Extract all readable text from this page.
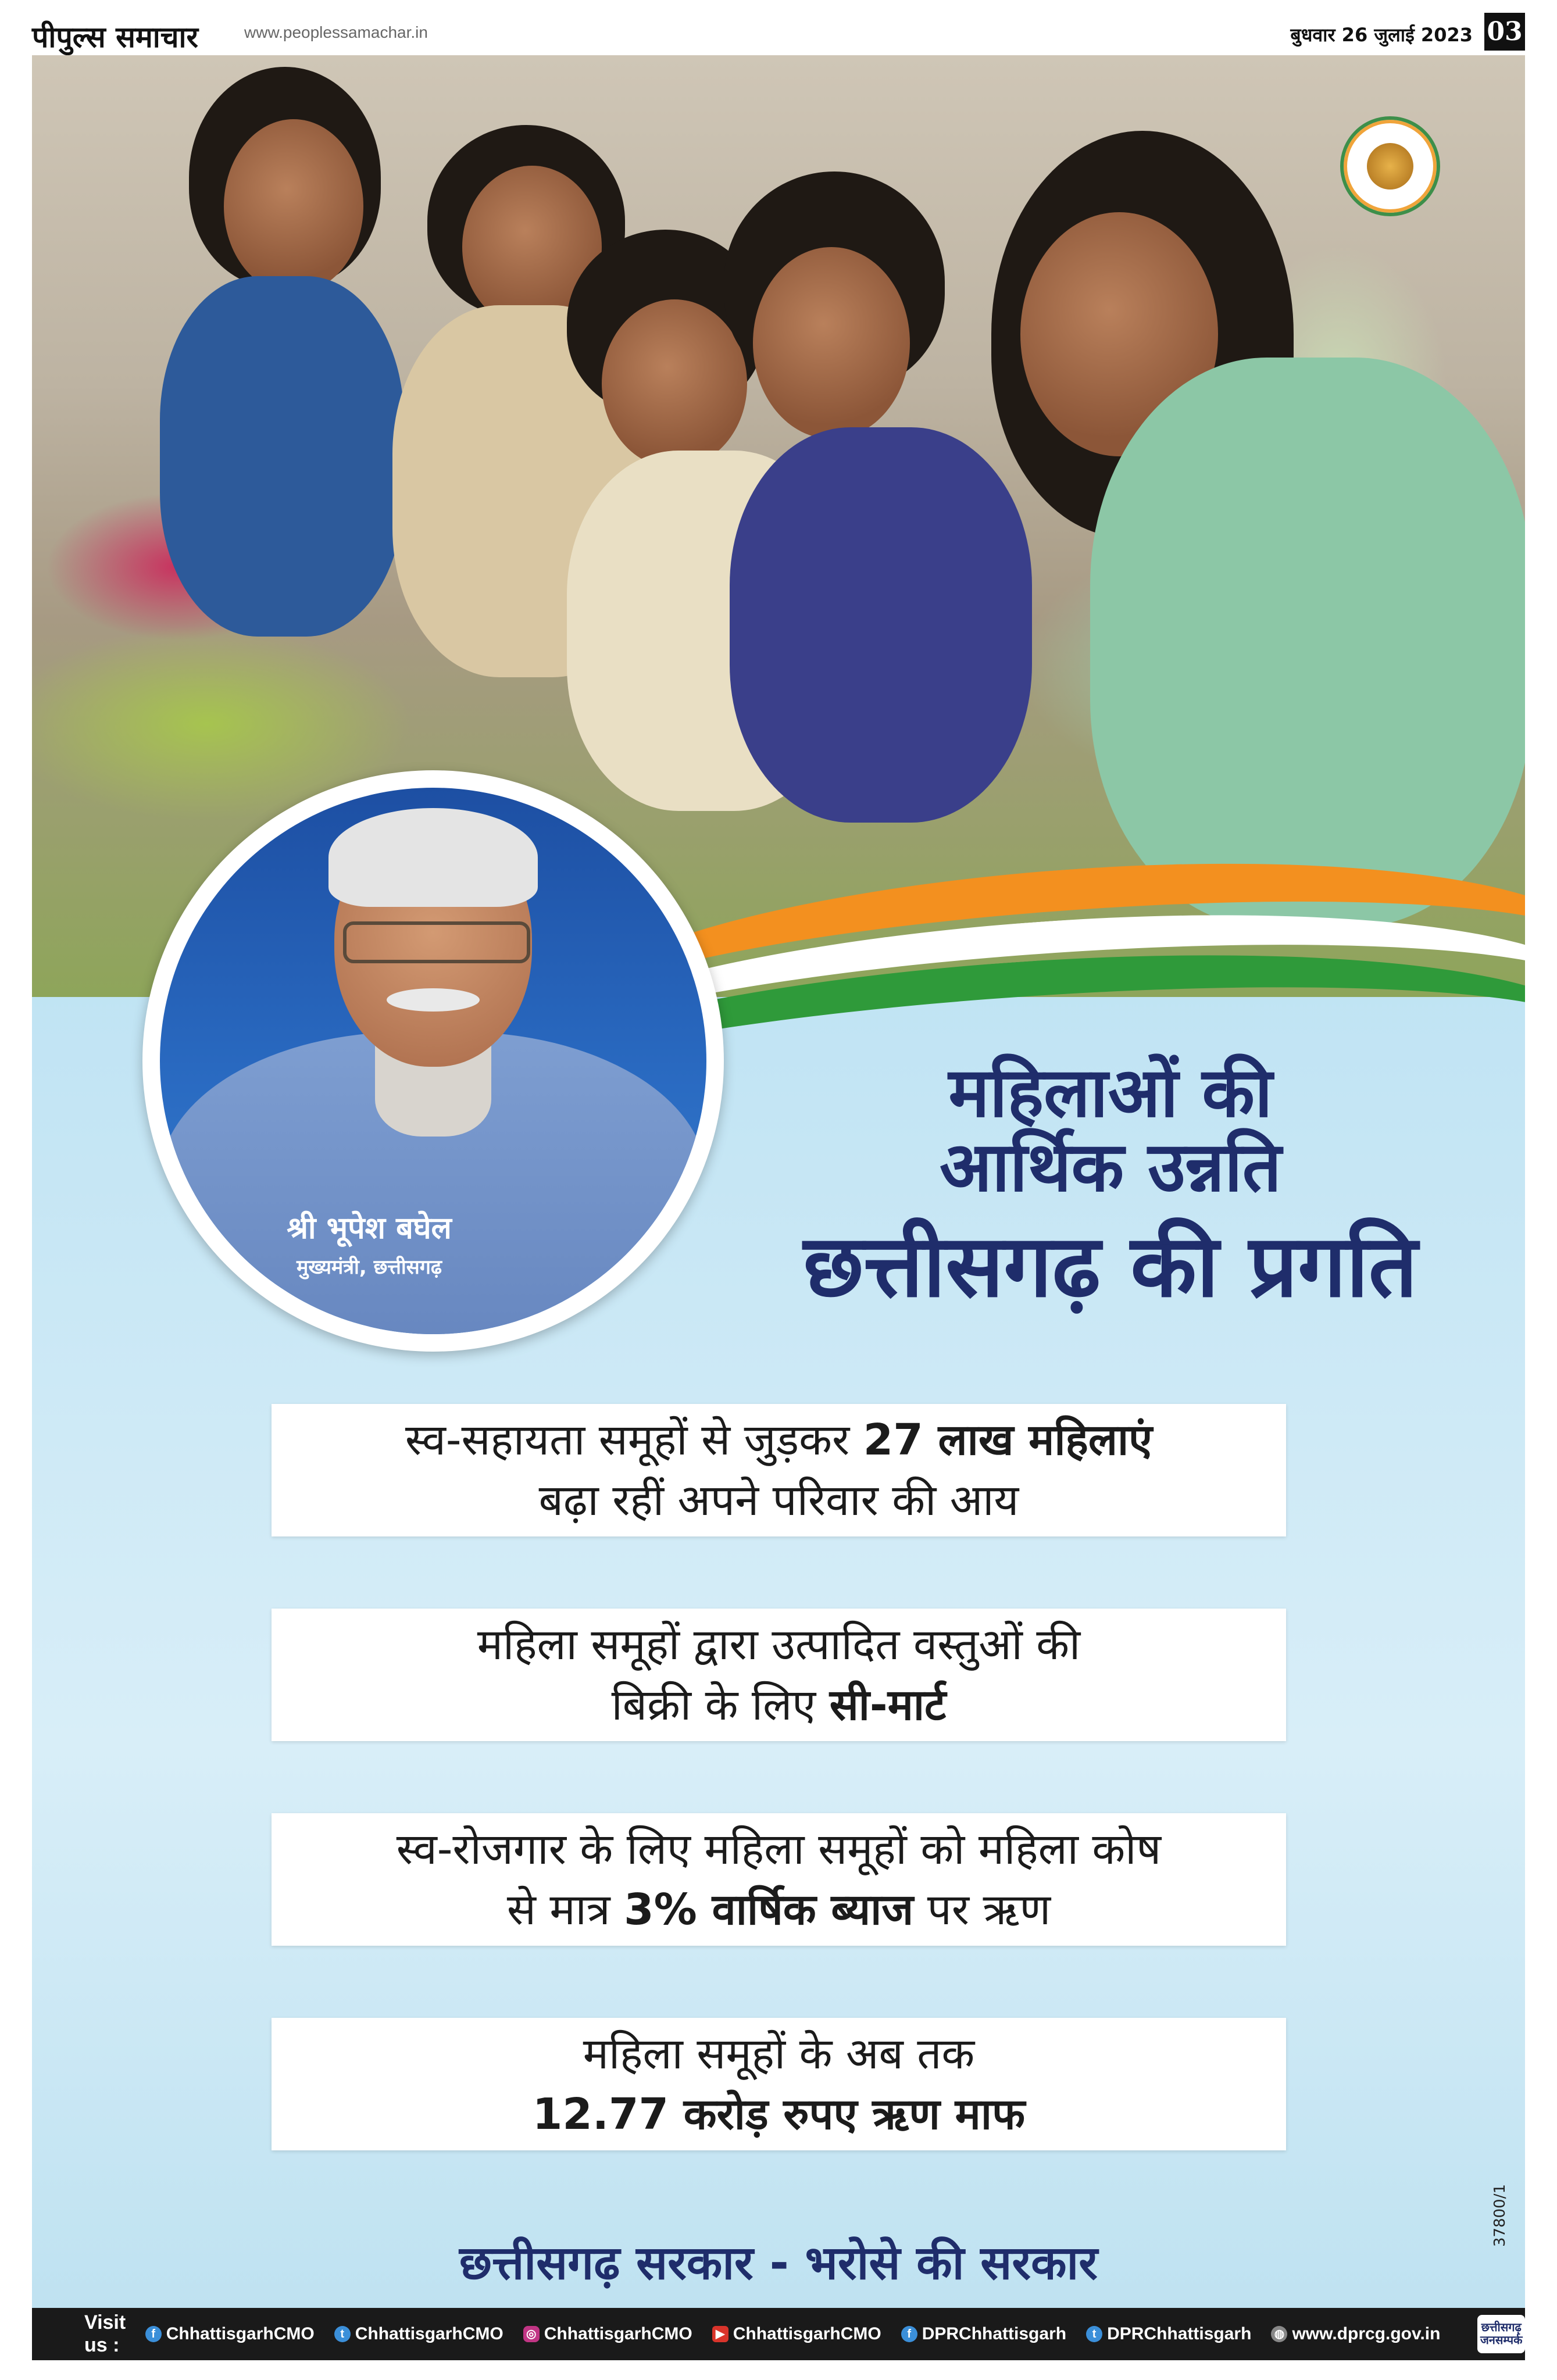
पीपुल्स समाचार	www.peoplessamachar.in	बुधवार 26 जुलाई 2023 03
श्री भूपेश बघेल
मुख्यमंत्री, छत्तीसगढ़
महिलाओं की
आर्थिक उन्नति
छत्तीसगढ़ की प्रगति
स्व-सहायता समूहों से जुड़कर 27 लाख महिलाएं
बढ़ा रहीं अपने परिवार की आय
महिला समूहों द्वारा उत्पादित वस्तुओं की
बिक्री के लिए सी-मार्ट
स्व-रोजगार के लिए महिला समूहों को महिला कोष
से मात्र 3% वार्षिक ब्याज पर ऋण
महिला समूहों के अब तक
12.77 करोड़ रुपए ऋण माफ
छत्तीसगढ़ सरकार - भरोसे की सरकार
37800/1
Visit us :	f ChhattisgarhCMO	t ChhattisgarhCMO ◎ ChhattisgarhCMO	▶ ChhattisgarhCMO	f DPRChhattisgarh	t DPRChhattisgarh ◍ www.dprcg.gov.in	छत्तीसगढ़
जनसम्पर्क
